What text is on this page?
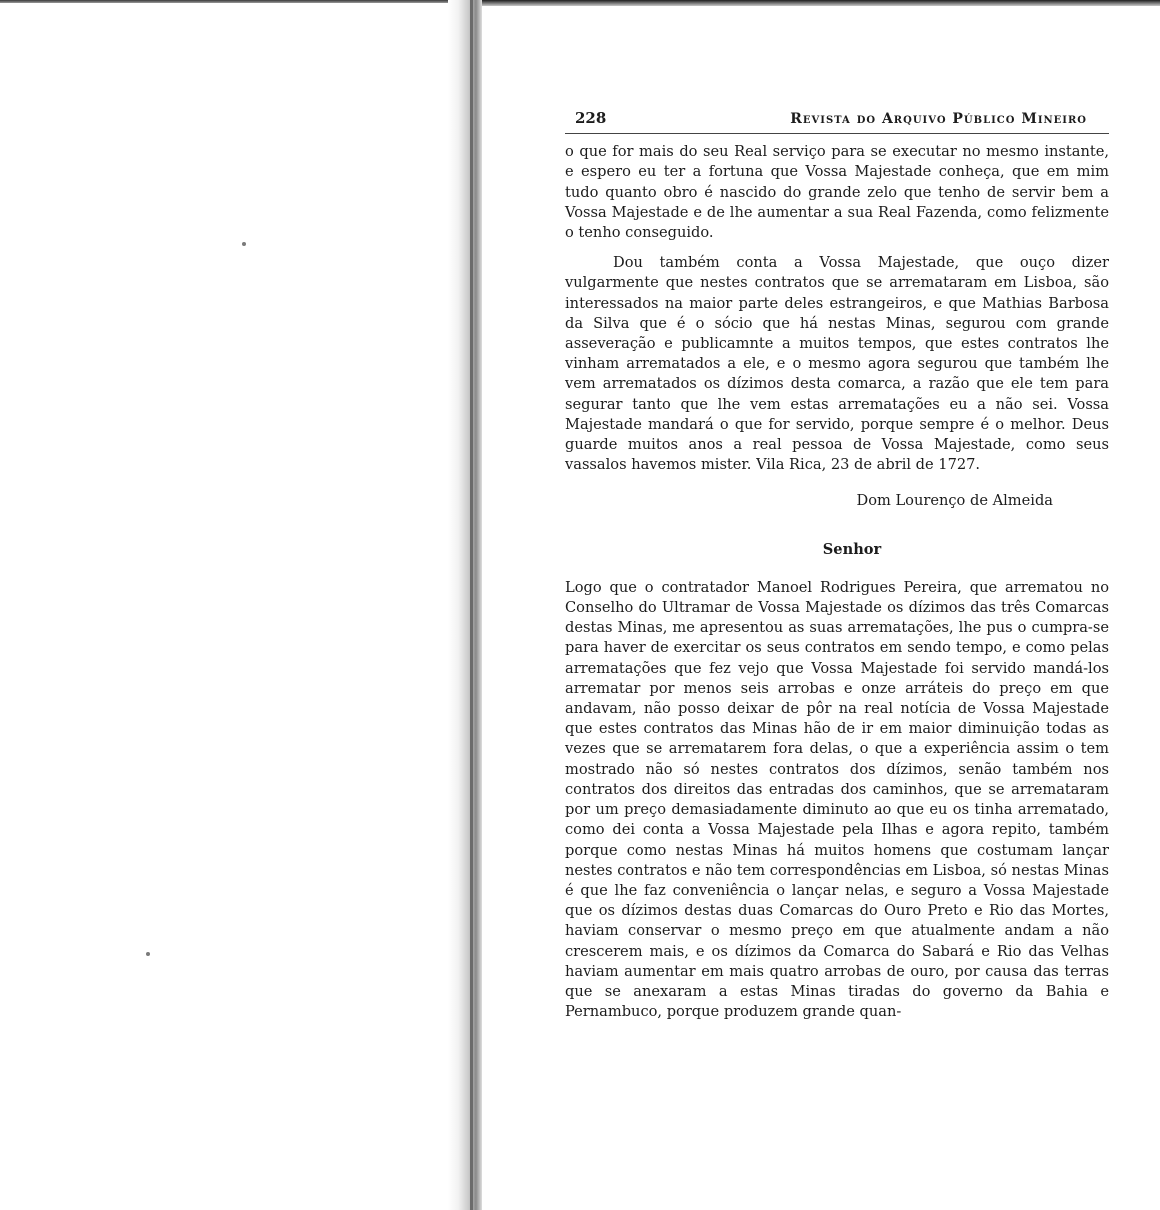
228	Revista do Arquivo Público Mineiro

o que for mais do seu Real serviço para se executar no mesmo instante, e espero eu ter a fortuna que Vossa Majestade conheça, que em mim tudo quanto obro é nascido do grande zelo que tenho de servir bem a Vossa Majestade e de lhe aumentar a sua Real Fazenda, como felizmente o tenho conseguido.

Dou também conta a Vossa Majestade, que ouço dizer vulgarmente que nestes contratos que se arremataram em Lisboa, são interessados na maior parte deles estrangeiros, e que Mathias Barbosa da Silva que é o sócio que há nestas Minas, segurou com grande asseveração e publicamnte a muitos tempos, que estes contratos lhe vinham arrematados a ele, e o mesmo agora segurou que também lhe vem arrematados os dízimos desta comarca, a razão que ele tem para segurar tanto que lhe vem estas arrematações eu a não sei. Vossa Majestade mandará o que for servido, porque sempre é o melhor. Deus guarde muitos anos a real pessoa de Vossa Majestade, como seus vassalos havemos mister. Vila Rica, 23 de abril de 1727.

Dom Lourenço de Almeida
Senhor

Logo que o contratador Manoel Rodrigues Pereira, que arrematou no Conselho do Ultramar de Vossa Majestade os dízimos das três Comarcas destas Minas, me apresentou as suas arrematações, lhe pus o cumpra-se para haver de exercitar os seus contratos em sendo tempo, e como pelas arrematações que fez vejo que Vossa Majestade foi servido mandá-los arrematar por menos seis arrobas e onze arráteis do preço em que andavam, não posso deixar de pôr na real notícia de Vossa Majestade que estes contratos das Minas hão de ir em maior diminuição todas as vezes que se arrematarem fora delas, o que a experiência assim o tem mostrado não só nestes contratos dos dízimos, senão também nos contratos dos direitos das entradas dos caminhos, que se arremataram por um preço demasiadamente diminuto ao que eu os tinha arrematado, como dei conta a Vossa Majestade pela Ilhas e agora repito, também porque como nestas Minas há muitos homens que costumam lançar nestes contratos e não tem correspondências em Lisboa, só nestas Minas é que lhe faz conveniência o lançar nelas, e seguro a Vossa Majestade que os dízimos destas duas Comarcas do Ouro Preto e Rio das Mortes, haviam conservar o mesmo preço em que atualmente andam a não crescerem mais, e os dízimos da Comarca do Sabará e Rio das Velhas haviam aumentar em mais quatro arrobas de ouro, por causa das terras que se anexaram a estas Minas tiradas do governo da Bahia e Pernambuco, porque produzem grande quan-
